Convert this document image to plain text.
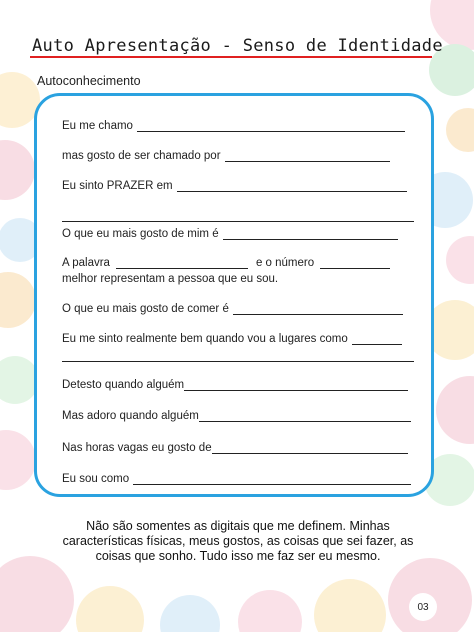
Auto Apresentação - Senso de Identidade
Autoconhecimento
Eu me chamo
mas gosto de ser chamado por
Eu sinto PRAZER em
O que eu mais gosto de mim é
A palavra	e o número
melhor representam a pessoa que eu sou.
O que eu mais gosto de comer é
Eu me sinto realmente bem quando vou a lugares como
Detesto quando alguém
Mas adoro quando alguém
Nas horas vagas eu gosto de
Eu sou como
Não são somentes as digitais que me definem. Minhas características físicas, meus gostos, as coisas que sei fazer, as coisas que sonho. Tudo isso me faz ser eu mesmo.
03
